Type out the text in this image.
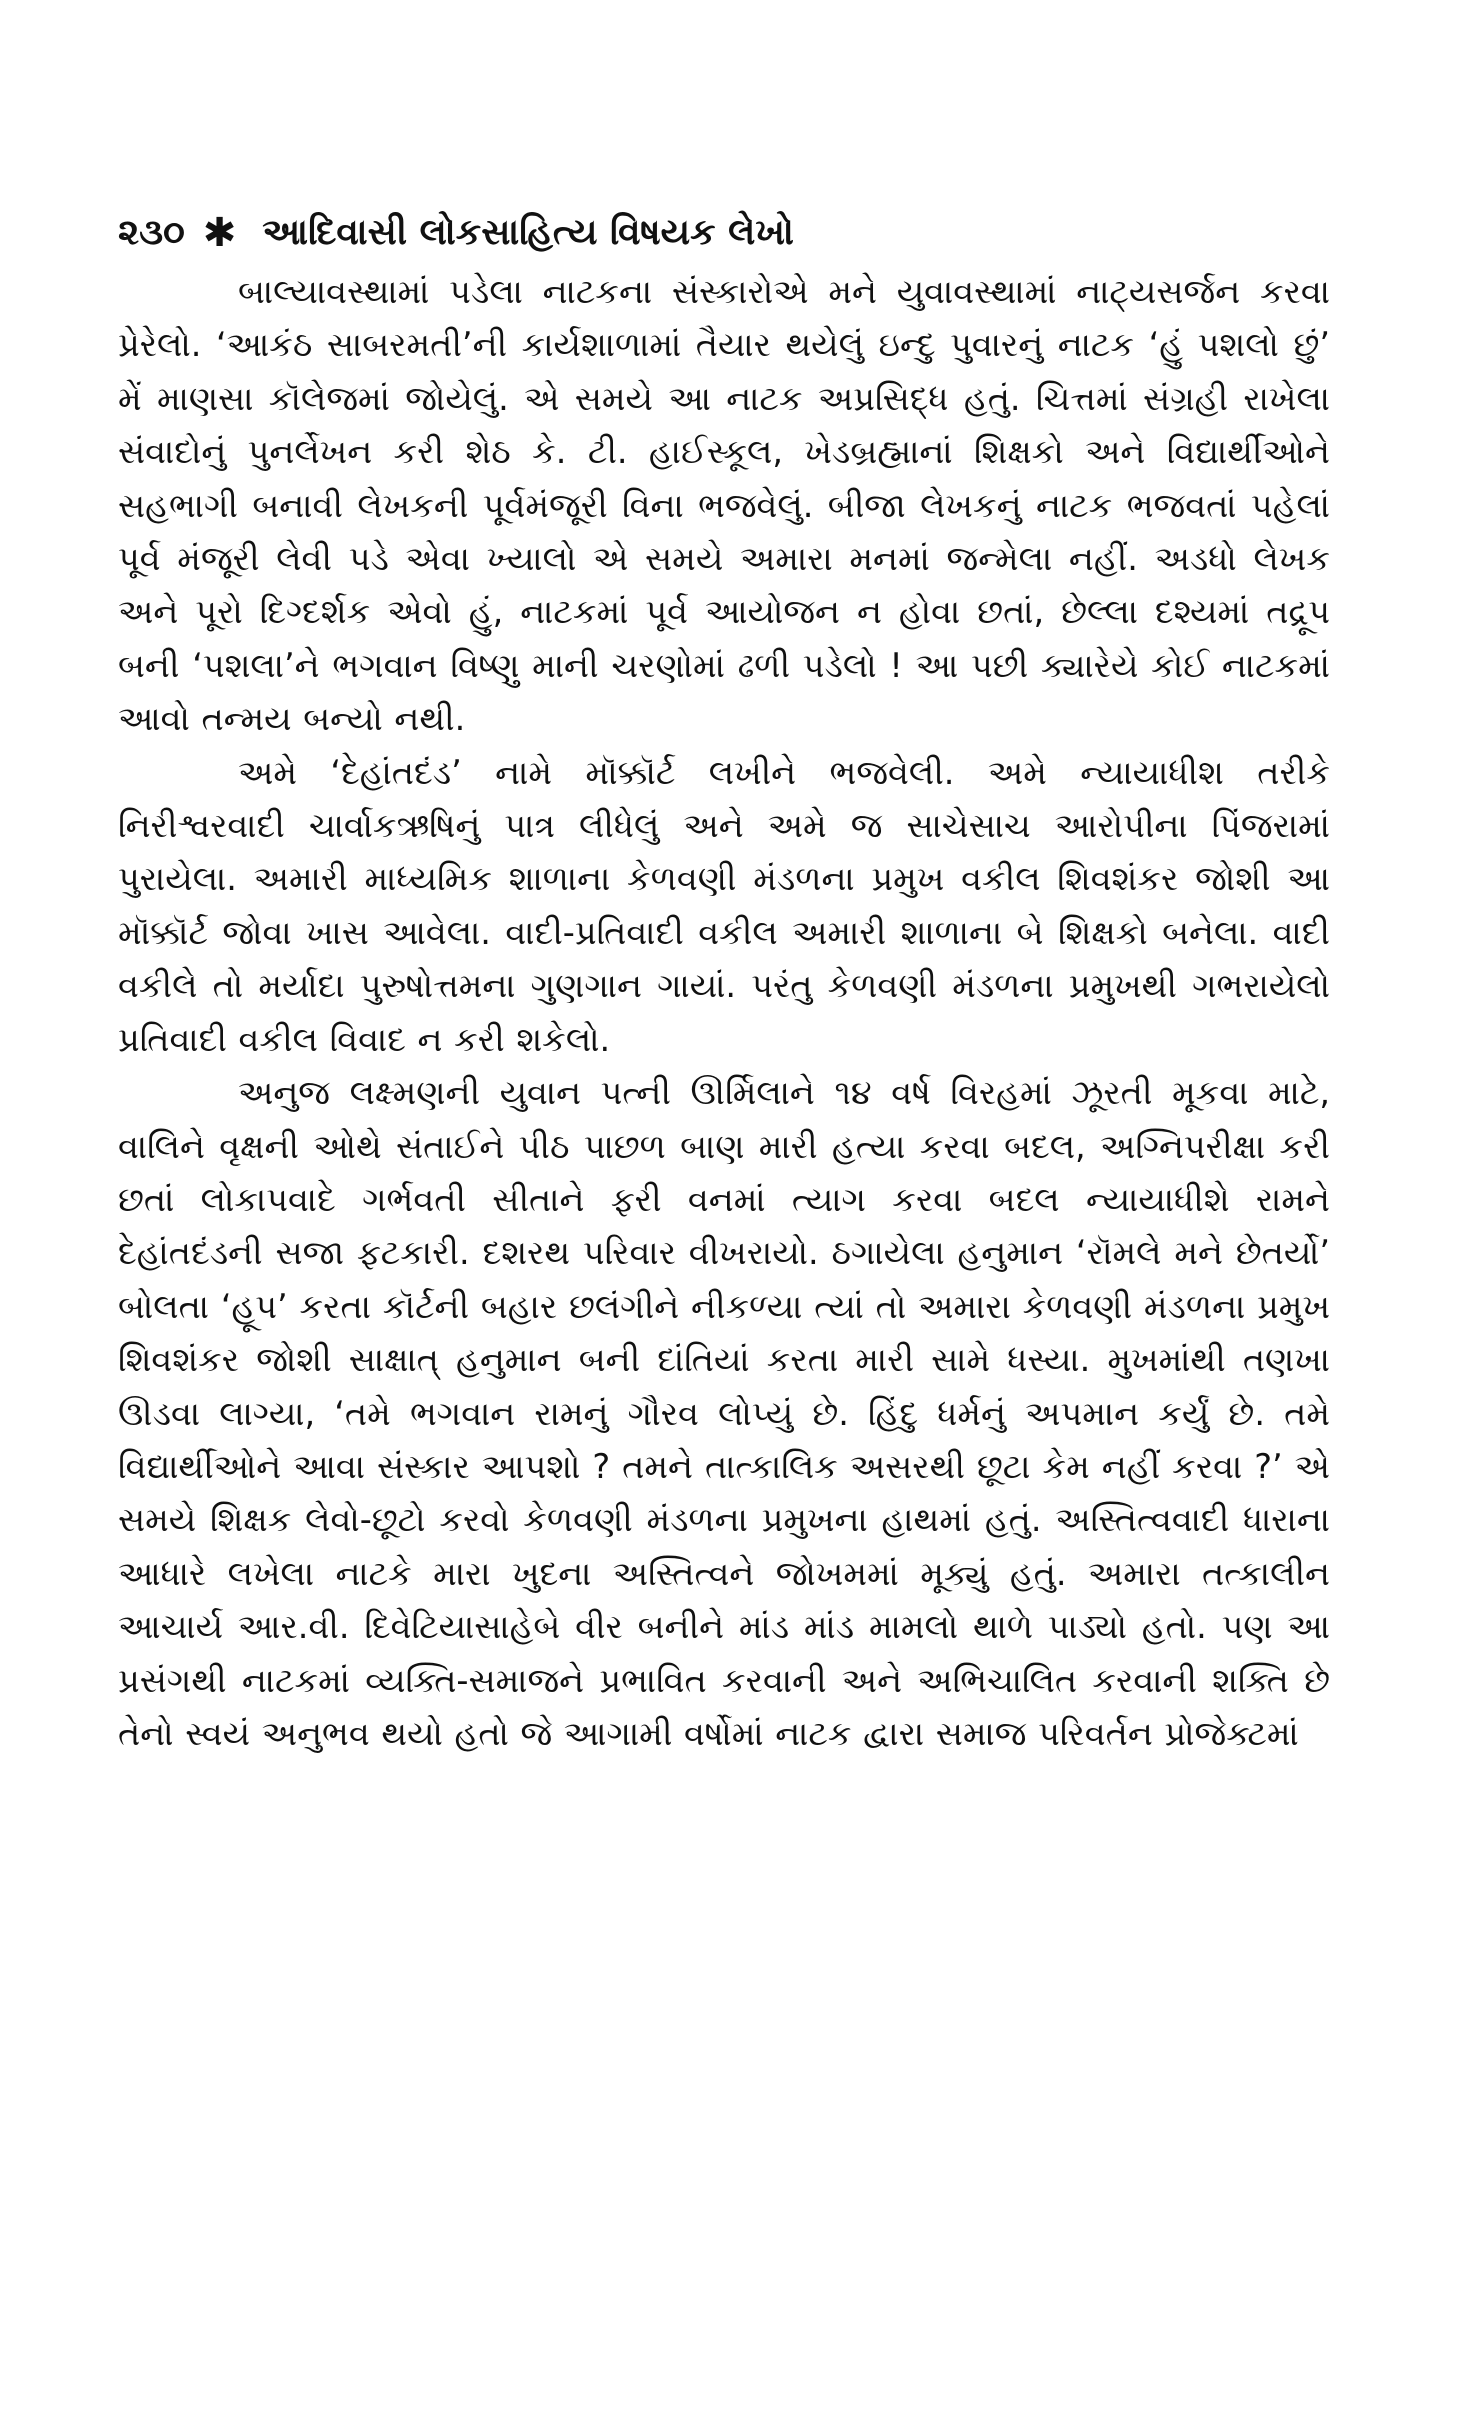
૨૩૦ ✱ આદિવાસી લોકસાહિત્ય વિષયક લેખો

બાલ્યાવસ્થામાં પડેલા નાટકના સંસ્કારોએ મને યુવાવસ્થામાં નાટ્યસર્જન કરવા પ્રેરેલો. ‘આકંઠ સાબરમતી’ની કાર્યશાળામાં તૈયાર થયેલું ઇન્દુ પુવારનું નાટક ‘હું પશલો છું’ મેં માણસા કૉલેજમાં જોયેલું. એ સમયે આ નાટક અપ્રસિદ્ધ હતું. ચિત્તમાં સંગ્રહી રાખેલા સંવાદોનું પુનર્લેખન કરી શેઠ કે. ટી. હાઈસ્કૂલ, ખેડબ્રહ્માનાં શિક્ષકો અને વિદ્યાર્થીઓને સહભાગી બનાવી લેખકની પૂર્વમંજૂરી વિના ભજવેલું. બીજા લેખકનું નાટક ભજવતાં પહેલાં પૂર્વ મંજૂરી લેવી પડે એવા ખ્યાલો એ સમયે અમારા મનમાં જન્મેલા નહીં. અડધો લેખક અને પૂરો દિગ્દર્શક એવો હું, નાટકમાં પૂર્વ આયોજન ન હોવા છતાં, છેલ્લા દશ્યમાં તદ્રૂપ બની ‘પશલા’ને ભગવાન વિષ્ણુ માની ચરણોમાં ઢળી પડેલો ! આ પછી ક્યારેયે કોઈ નાટકમાં આવો તન્મય બન્યો નથી.

અમે ‘દેહાંતદંડ’ નામે મૉક્કૉર્ટ લખીને ભજવેલી. અમે ન્યાયાધીશ તરીકે નિરીશ્વરવાદી ચાર્વાકઋષિનું પાત્ર લીધેલું અને અમે જ સાચેસાચ આરોપીના પિંજરામાં પુરાયેલા. અમારી માધ્યમિક શાળાના કેળવણી મંડળના પ્રમુખ વકીલ શિવશંકર જોશી આ મૉક્કૉર્ટ જોવા ખાસ આવેલા. વાદી-પ્રતિવાદી વકીલ અમારી શાળાના બે શિક્ષકો બનેલા. વાદી વકીલે તો મર્યાદા પુરુષોત્તમના ગુણગાન ગાયાં. પરંતુ કેળવણી મંડળના પ્રમુખથી ગભરાયેલો પ્રતિવાદી વકીલ વિવાદ ન કરી શકેલો.

અનુજ લક્ષ્મણની યુવાન પત્ની ઊર્મિલાને ૧૪ વર્ષ વિરહમાં ઝૂરતી મૂકવા માટે, વાલિને વૃક્ષની ઓથે સંતાઈને પીઠ પાછળ બાણ મારી હત્યા કરવા બદલ, અગ્નિપરીક્ષા કરી છતાં લોકાપવાદે ગર્ભવતી સીતાને ફરી વનમાં ત્યાગ કરવા બદલ ન્યાયાધીશે રામને દેહાંતદંડની સજા ફટકારી. દશરથ પરિવાર વીખરાયો. ઠગાયેલા હનુમાન ‘રૉમલે મને છેતર્યો’ બોલતા ‘હૂપ’ કરતા કૉર્ટની બહાર છલંગીને નીકળ્યા ત્યાં તો અમારા કેળવણી મંડળના પ્રમુખ શિવશંકર જોશી સાક્ષાત્ હનુમાન બની દાંતિયાં કરતા મારી સામે ધસ્યા. મુખમાંથી તણખા ઊડવા લાગ્યા, ‘તમે ભગવાન રામનું ગૌરવ લોપ્યું છે. હિંદુ ધર્મનું અપમાન કર્યું છે. તમે વિદ્યાર્થીઓને આવા સંસ્કાર આપશો ? તમને તાત્કાલિક અસરથી છૂટા કેમ નહીં કરવા ?’ એ સમયે શિક્ષક લેવો-છૂટો કરવો કેળવણી મંડળના પ્રમુખના હાથમાં હતું. અસ્તિત્વવાદી ધારાના આધારે લખેલા નાટકે મારા ખુદના અસ્તિત્વને જોખમમાં મૂક્યું હતું. અમારા તત્કાલીન આચાર્ય આર.વી. દિવેટિયાસાહેબે વીર બનીને માંડ માંડ મામલો થાળે પાડ્યો હતો. પણ આ પ્રસંગથી નાટકમાં વ્યક્તિ-સમાજને પ્રભાવિત કરવાની અને અભિચાલિત કરવાની શક્તિ છે તેનો સ્વયં અનુભવ થયો હતો જે આગામી વર્ષોમાં નાટક દ્વારા સમાજ પરિવર્તન પ્રોજેક્ટમાં
